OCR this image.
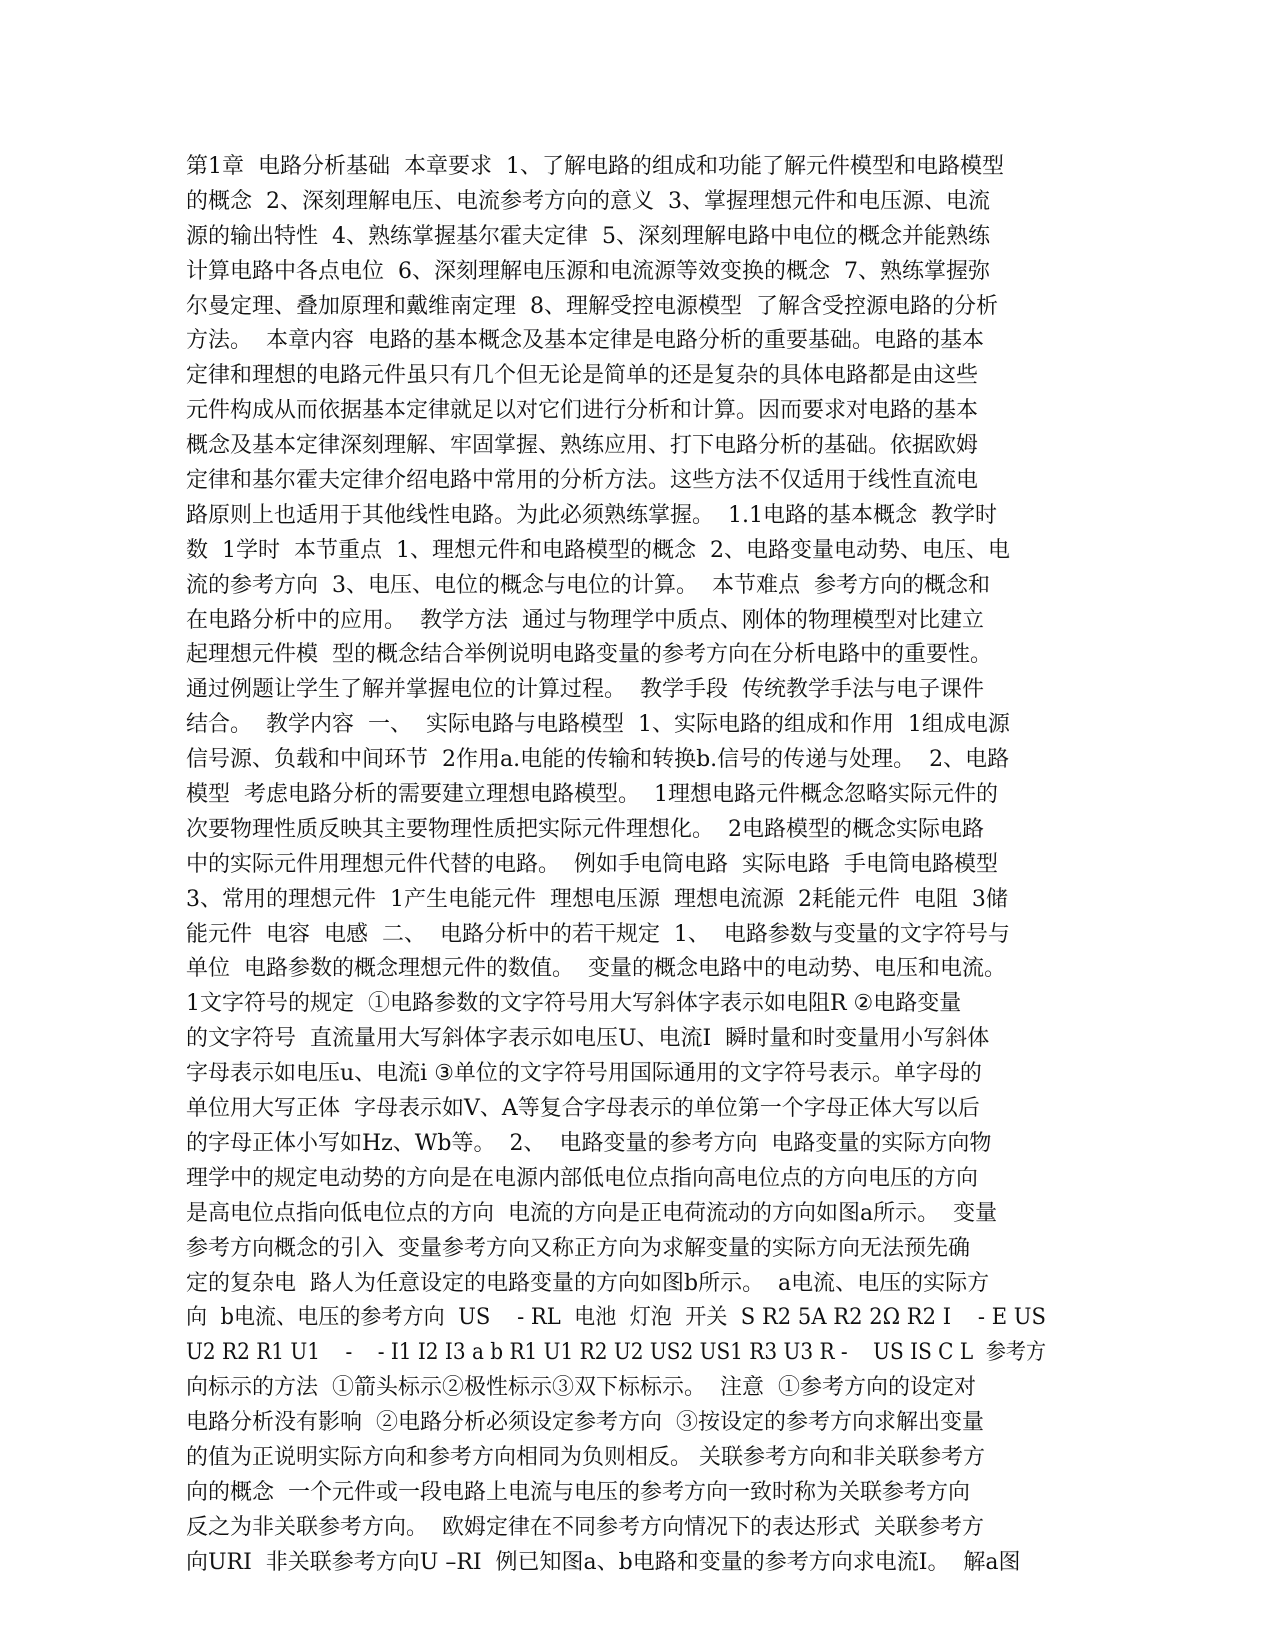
第1章  电路分析基础  本章要求  1、了解电路的组成和功能了解元件模型和电路模型
的概念  2、深刻理解电压、电流参考方向的意义  3、掌握理想元件和电压源、电流
源的输出特性  4、熟练掌握基尔霍夫定律  5、深刻理解电路中电位的概念并能熟练
计算电路中各点电位  6、深刻理解电压源和电流源等效变换的概念  7、熟练掌握弥
尔曼定理、叠加原理和戴维南定理  8、理解受控电源模型  了解含受控源电路的分析
方法。  本章内容  电路的基本概念及基本定律是电路分析的重要基础。电路的基本
定律和理想的电路元件虽只有几个但无论是简单的还是复杂的具体电路都是由这些
元件构成从而依据基本定律就足以对它们进行分析和计算。因而要求对电路的基本
概念及基本定律深刻理解、牢固掌握、熟练应用、打下电路分析的基础。依据欧姆
定律和基尔霍夫定律介绍电路中常用的分析方法。这些方法不仅适用于线性直流电
路原则上也适用于其他线性电路。为此必须熟练掌握。  1.1电路的基本概念  教学时
数  1学时  本节重点  1、理想元件和电路模型的概念  2、电路变量电动势、电压、电
流的参考方向  3、电压、电位的概念与电位的计算。  本节难点  参考方向的概念和
在电路分析中的应用。  教学方法  通过与物理学中质点、刚体的物理模型对比建立
起理想元件模  型的概念结合举例说明电路变量的参考方向在分析电路中的重要性。
通过例题让学生了解并掌握电位的计算过程。  教学手段  传统教学手法与电子课件
结合。  教学内容  一、  实际电路与电路模型  1、实际电路的组成和作用  1组成电源
信号源、负载和中间环节  2作用a.电能的传输和转换b.信号的传递与处理。  2、电路
模型  考虑电路分析的需要建立理想电路模型。  1理想电路元件概念忽略实际元件的
次要物理性质反映其主要物理性质把实际元件理想化。  2电路模型的概念实际电路
中的实际元件用理想元件代替的电路。  例如手电筒电路  实际电路  手电筒电路模型
3、常用的理想元件  1产生电能元件  理想电压源  理想电流源  2耗能元件  电阻  3储
能元件  电容  电感  二、  电路分析中的若干规定  1、  电路参数与变量的文字符号与
单位  电路参数的概念理想元件的数值。  变量的概念电路中的电动势、电压和电流。
1文字符号的规定  ①电路参数的文字符号用大写斜体字表示如电阻R ②电路变量
的文字符号  直流量用大写斜体字表示如电压U、电流I  瞬时量和时变量用小写斜体
字母表示如电压u、电流i ③单位的文字符号用国际通用的文字符号表示。单字母的
单位用大写正体  字母表示如V、A等复合字母表示的单位第一个字母正体大写以后
的字母正体小写如Hz、Wb等。  2、  电路变量的参考方向  电路变量的实际方向物
理学中的规定电动势的方向是在电源内部低电位点指向高电位点的方向电压的方向
是高电位点指向低电位点的方向  电流的方向是正电荷流动的方向如图a所示。  变量
参考方向概念的引入  变量参考方向又称正方向为求解变量的实际方向无法预先确
定的复杂电  路人为任意设定的电路变量的方向如图b所示。  a电流、电压的实际方
向  b电流、电压的参考方向  US    - RL  电池  灯泡  开关  S R2 5A R2 2Ω R2 I    - E US
U2 R2 R1 U1    -    - I1 I2 I3 a b R1 U1 R2 U2 US2 US1 R3 U3 R -    US IS C L  参考方
向标示的方法  ①箭头标示②极性标示③双下标标示。  注意  ①参考方向的设定对
电路分析没有影响  ②电路分析必须设定参考方向  ③按设定的参考方向求解出变量
的值为正说明实际方向和参考方向相同为负则相反。 关联参考方向和非关联参考方
向的概念  一个元件或一段电路上电流与电压的参考方向一致时称为关联参考方向
反之为非关联参考方向。  欧姆定律在不同参考方向情况下的表达形式  关联参考方
向URI  非关联参考方向U –RI  例已知图a、b电路和变量的参考方向求电流I。  解a图
